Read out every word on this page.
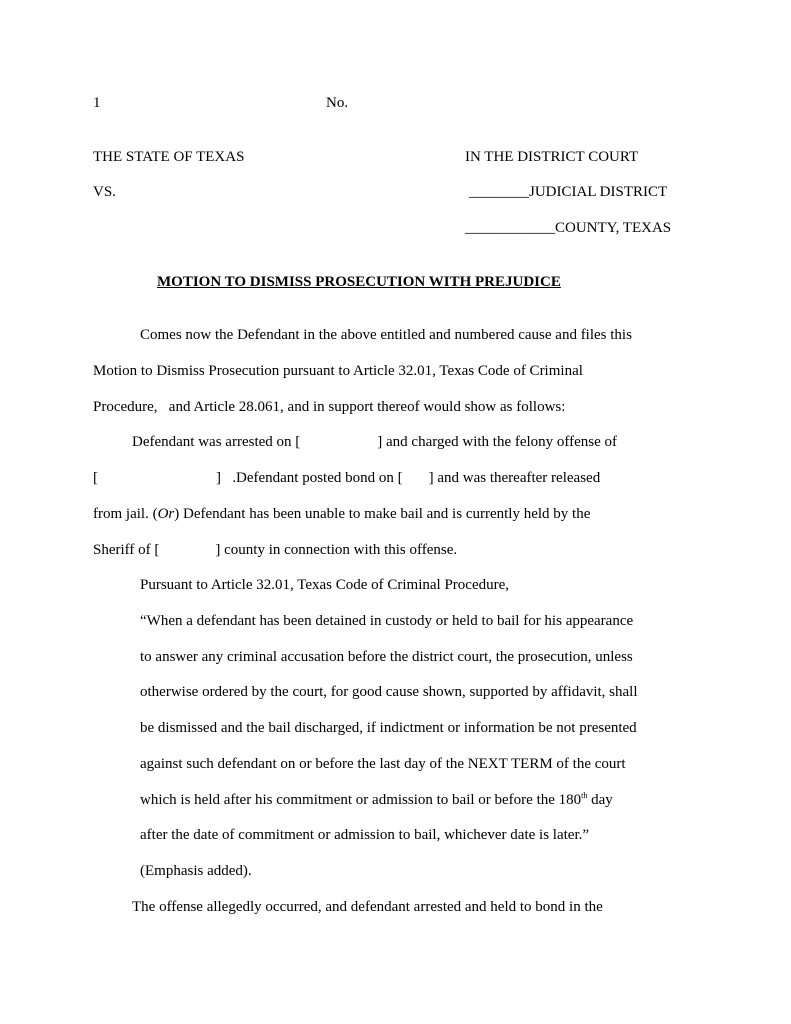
1	No.
THE STATE OF TEXAS	IN THE DISTRICT COURT
VS.	________JUDICIAL DISTRICT
____________COUNTY, TEXAS
MOTION TO DISMISS PROSECUTION WITH PREJUDICE
Comes now the Defendant in the above entitled and numbered cause and files this
Motion to Dismiss Prosecution pursuant to Article 32.01, Texas Code of Criminal
Procedure,   and Article 28.061, and in support thereof would show as follows:
Defendant was arrested on [	] and charged with the felony offense of
[	]   .Defendant posted bond on [ ] and was thereafter released
from jail. (Or) Defendant has been unable to make bail and is currently held by the
Sheriff of [	] county in connection with this offense.
Pursuant to Article 32.01, Texas Code of Criminal Procedure,
“When a defendant has been detained in custody or held to bail for his appearance
to answer any criminal accusation before the district court, the prosecution, unless
otherwise ordered by the court, for good cause shown, supported by affidavit, shall
be dismissed and the bail discharged, if indictment or information be not presented
against such defendant on or before the last day of the NEXT TERM of the court
which is held after his commitment or admission to bail or before the 180th day
after the date of commitment or admission to bail, whichever date is later.”
(Emphasis added).
The offense allegedly occurred, and defendant arrested and held to bond in the
